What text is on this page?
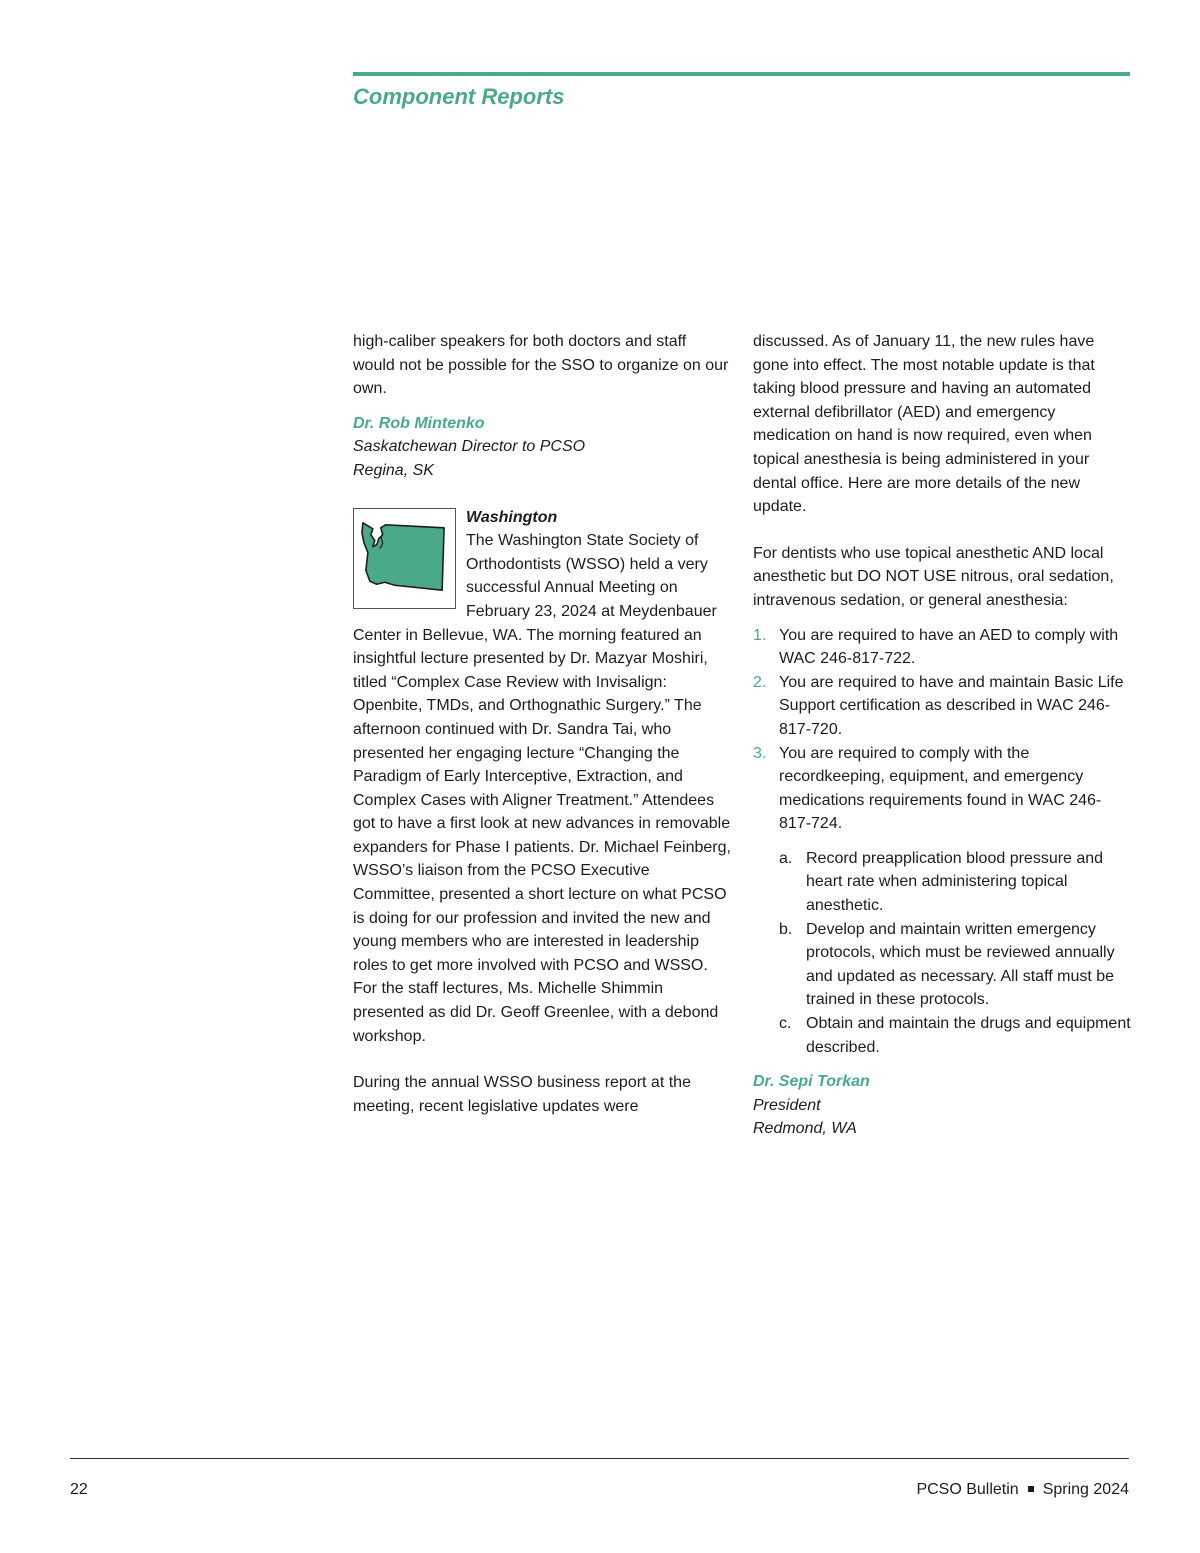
Component Reports

high-caliber speakers for both doctors and staff would not be possible for the SSO to organize on our own.

Dr. Rob Mintenko

Saskatchewan Director to PCSO

Regina, SK

Washington

The Washington State Society of Orthodontists (WSSO) held a very successful Annual Meeting on February 23, 2024 at Meydenbauer Center in Bellevue, WA. The morning featured an insightful lecture presented by Dr. Mazyar Moshiri, titled “Complex Case Review with Invisalign: Openbite, TMDs, and Orthognathic Surgery.” The afternoon continued with Dr. Sandra Tai, who presented her engaging lecture “Changing the Paradigm of Early Interceptive, Extraction, and Complex Cases with Aligner Treatment.” Attendees got to have a first look at new advances in removable expanders for Phase I patients. Dr. Michael Feinberg, WSSO’s liaison from the PCSO Executive Committee, presented a short lecture on what PCSO is doing for our profession and invited the new and young members who are interested in leadership roles to get more involved with PCSO and WSSO. For the staff lectures, Ms. Michelle Shimmin presented as did Dr. Geoff Greenlee, with a debond workshop.

During the annual WSSO business report at the meeting, recent legislative updates were

discussed. As of January 11, the new rules have gone into effect. The most notable update is that taking blood pressure and having an automated external defibrillator (AED) and emergency medication on hand is now required, even when topical anesthesia is being administered in your dental office. Here are more details of the new update.

For dentists who use topical anesthetic AND local anesthetic but DO NOT USE nitrous, oral sedation, intravenous sedation, or general anesthesia:

1. You are required to have an AED to comply with WAC 246-817-722.
2. You are required to have and maintain Basic Life Support certification as described in WAC 246-817-720.
3. You are required to comply with the recordkeeping, equipment, and emergency medications requirements found in WAC 246-817-724.
a. Record preapplication blood pressure and heart rate when administering topical anesthetic.
b. Develop and maintain written emergency protocols, which must be reviewed annually and updated as necessary. All staff must be trained in these protocols.
c. Obtain and maintain the drugs and equipment described.

Dr. Sepi Torkan

President

Redmond, WA

22	PCSO Bulletin Spring 2024
